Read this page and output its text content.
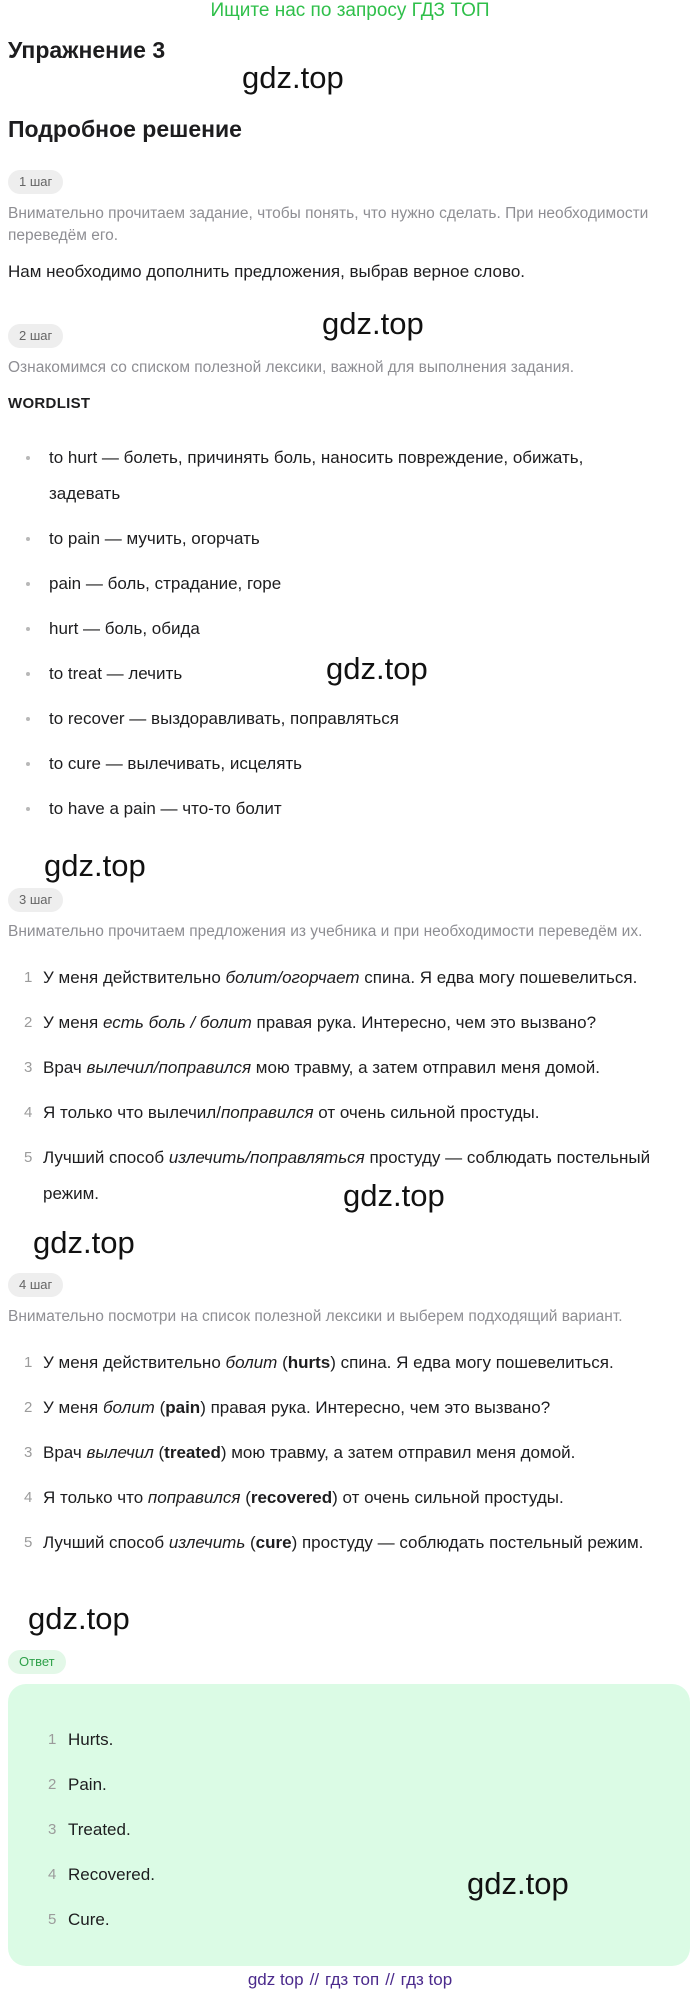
Ищите нас по запросу ГДЗ ТОП
Упражнение 3
gdz.top
Подробное решение
1 шаг
Внимательно прочитаем задание, чтобы понять, что нужно сделать. При необходимости переведём его.
Нам необходимо дополнить предложения, выбрав верное слово.
2 шаг	gdz.top
Ознакомимся со списком полезной лексики, важной для выполнения задания.
WORDLIST
to hurt — болеть, причинять боль, наносить повреждение, обижать, задевать
to pain — мучить, огорчать
pain — боль, страдание, горе
hurt — боль, обида
to treat — лечить
to recover — выздоравливать, поправляться
to cure — вылечивать, исцелять
to have a pain — что-то болит
gdz.top
gdz.top
3 шаг
Внимательно прочитаем предложения из учебника и при необходимости переведём их.
1 У меня действительно болит/огорчает спина. Я едва могу пошевелиться.
2 У меня есть боль / болит правая рука. Интересно, чем это вызвано?
3 Врач вылечил/поправился мою травму, а затем отправил меня домой.
4 Я только что вылечил/поправился от очень сильной простуды.
5 Лучший способ излечить/поправляться простуду — соблюдать постельный режим.	gdz.top
gdz.top
4 шаг
Внимательно посмотри на список полезной лексики и выберем подходящий вариант.
1 У меня действительно болит (hurts) спина. Я едва могу пошевелиться.
2 У меня болит (pain) правая рука. Интересно, чем это вызвано?
3 Врач вылечил (treated) мою травму, а затем отправил меня домой.
4 Я только что поправился (recovered) от очень сильной простуды.
5 Лучший способ излечить (cure) простуду — соблюдать постельный режим.
gdz.top
Ответ
1 Hurts.
2 Pain.
3 Treated.
4 Recovered.
5 Cure.
gdz.top
gdz top // гдз топ // гдз top
